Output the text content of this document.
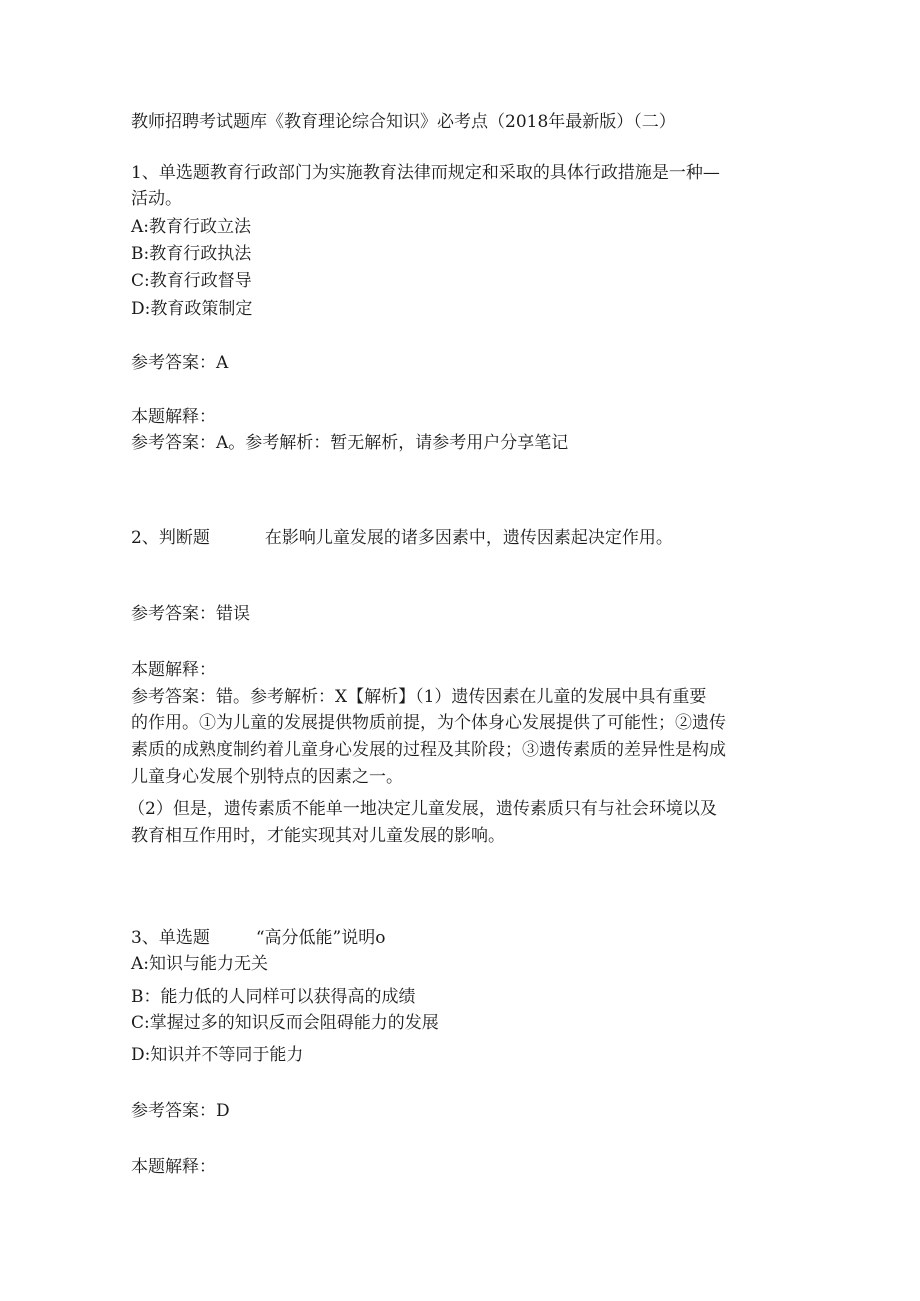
教师招聘考试题库《教育理论综合知识》必考点（2018年最新版）（二）

1、单选题教育行政部门为实施教育法律而规定和采取的具体行政措施是一种—

活动。

A:教育行政立法

B:教育行政执法

C:教育行政督导

D:教育政策制定

参考答案：A

本题解释：

参考答案：A。参考解析：暂无解析，请参考用户分享笔记

2、判断题	在影响儿童发展的诸多因素中，遗传因素起决定作用。

参考答案：错误

本题解释：

参考答案：错。参考解析：X【解析】（1）遗传因素在儿童的发展中具有重要

的作用。①为儿童的发展提供物质前提，为个体身心发展提供了可能性；②遗传

素质的成熟度制约着儿童身心发展的过程及其阶段；③遗传素质的差异性是构成

儿童身心发展个别特点的因素之一。

（2）但是，遗传素质不能单一地决定儿童发展，遗传素质只有与社会环境以及

教育相互作用时，才能实现其对儿童发展的影响。

3、单选题	“高分低能”说明o

A:知识与能力无关

B：能力低的人同样可以获得高的成绩

C:掌握过多的知识反而会阻碍能力的发展

D:知识并不等同于能力

参考答案：D

本题解释：
